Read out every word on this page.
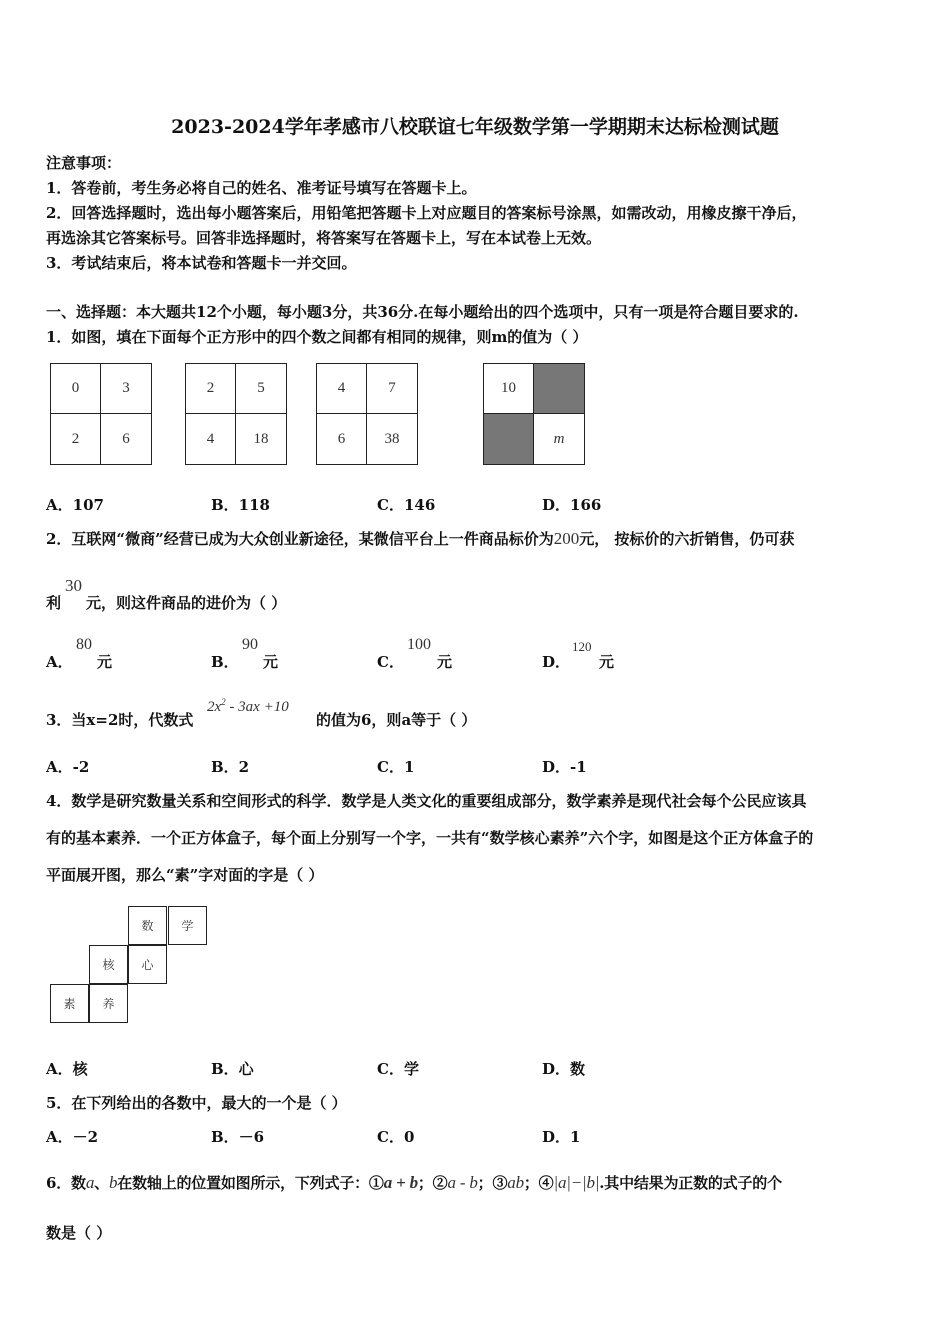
2023-2024学年孝感市八校联谊七年级数学第一学期期末达标检测试题
注意事项：
1．答卷前，考生务必将自己的姓名、准考证号填写在答题卡上。
2．回答选择题时，选出每小题答案后，用铅笔把答题卡上对应题目的答案标号涂黑，如需改动，用橡皮擦干净后，
再选涂其它答案标号。回答非选择题时，将答案写在答题卡上，写在本试卷上无效。
3．考试结束后，将本试卷和答题卡一并交回。
一、选择题：本大题共12个小题，每小题3分，共36分.在每小题给出的四个选项中，只有一项是符合题目要求的.
1．如图，填在下面每个正方形中的四个数之间都有相同的规律，则m的值为（ ）
0	3
2	6
2	5
4	18
4	7
6	38
10
m
A．107	B．118	C．146	D．166
2．互联网“微商”经营已成为大众创业新途径，某微信平台上一件商品标价为200元， 按标价的六折销售，仍可获
利
30
元，则这件商品的进价为（ ）
A．
80
元	B．
90
元	C．
100
元	D．
120
元
3．当x=2时，代数式
$2x^2 - 3ax +10$
的值为6，则a等于（ ）
A．-2	B．2	C．1	D．-1
4．数学是研究数量关系和空间形式的科学．数学是人类文化的重要组成部分，数学素养是现代社会每个公民应该具
有的基本素养．一个正方体盒子，每个面上分别写一个字，一共有“数学核心素养”六个字，如图是这个正方体盒子的
平面展开图，那么“素”字对面的字是（ ）
数	学
核	心
素	养
A．核	B．心	C．学	D．数
5．在下列给出的各数中，最大的一个是（ ）
A．－2	B．－6	C．0	D．1
6．数a、b在数轴上的位置如图所示，下列式子：①a + b；②a - b；③ab；④|a|−|b|.其中结果为正数的式子的个
数是（ ）
